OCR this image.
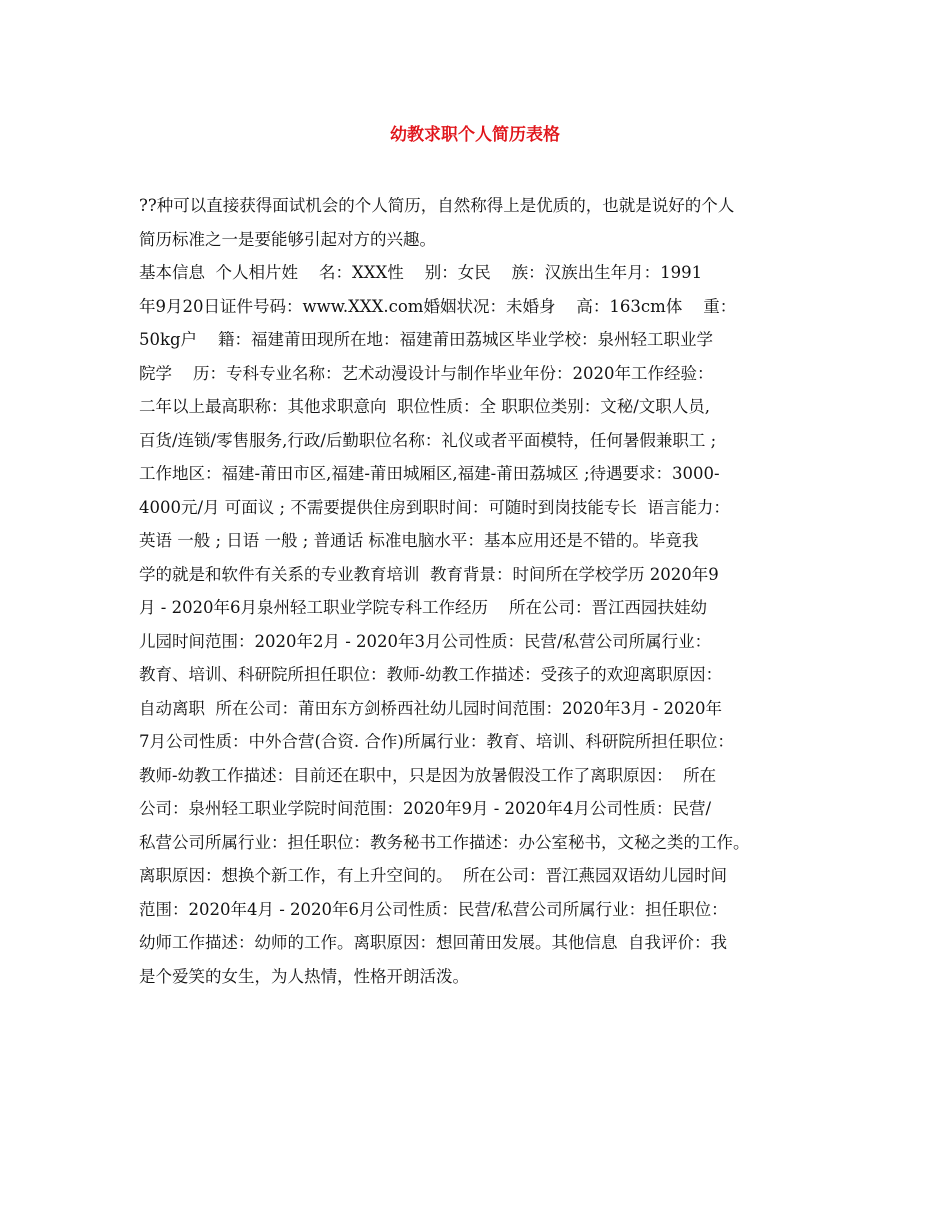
幼教求职个人简历表格
??种可以直接获得面试机会的个人简历，自然称得上是优质的，也就是说好的个人
简历标准之一是要能够引起对方的兴趣。
基本信息  个人相片姓    名：XXX性    别：女民    族：汉族出生年月：1991
年9月20日证件号码：www.XXX.com婚姻状况：未婚身    高：163cm体    重：
50kg户    籍：福建莆田现所在地：福建莆田荔城区毕业学校：泉州轻工职业学
院学    历：专科专业名称：艺术动漫设计与制作毕业年份：2020年工作经验：
二年以上最高职称：其他求职意向  职位性质：全 职职位类别：文秘/文职人员,
百货/连锁/零售服务,行政/后勤职位名称：礼仪或者平面模特，任何暑假兼职工 ;
工作地区：福建-莆田市区,福建-莆田城厢区,福建-莆田荔城区 ;待遇要求：3000-
4000元/月 可面议 ; 不需要提供住房到职时间：可随时到岗技能专长  语言能力：
英语 一般 ; 日语 一般 ; 普通话 标准电脑水平：基本应用还是不错的。毕竟我
学的就是和软件有关系的专业教育培训  教育背景：时间所在学校学历 2020年9
月 - 2020年6月泉州轻工职业学院专科工作经历    所在公司：晋江西园扶娃幼
儿园时间范围：2020年2月 - 2020年3月公司性质：民营/私营公司所属行业：
教育、培训、科研院所担任职位：教师-幼教工作描述：受孩子的欢迎离职原因：
自动离职  所在公司：莆田东方剑桥西社幼儿园时间范围：2020年3月 - 2020年
7月公司性质：中外合营(合资. 合作)所属行业：教育、培训、科研院所担任职位：
教师-幼教工作描述：目前还在职中，只是因为放暑假没工作了离职原因：  所在
公司：泉州轻工职业学院时间范围：2020年9月 - 2020年4月公司性质：民营/
私营公司所属行业：担任职位：教务秘书工作描述：办公室秘书，文秘之类的工作。
离职原因：想换个新工作，有上升空间的。  所在公司：晋江燕园双语幼儿园时间
范围：2020年4月 - 2020年6月公司性质：民营/私营公司所属行业：担任职位：
幼师工作描述：幼师的工作。离职原因：想回莆田发展。其他信息  自我评价：我
是个爱笑的女生，为人热情，性格开朗活泼。
